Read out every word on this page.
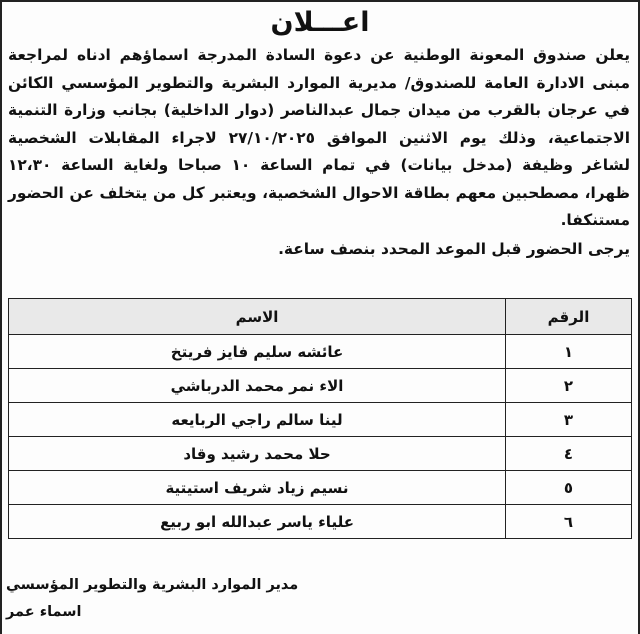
اعـــلان

يعلن صندوق المعونة الوطنية عن دعوة السادة المدرجة اسماؤهم ادناه لمراجعة مبنى الادارة العامة للصندوق/ مديرية الموارد البشرية والتطوير المؤسسي الكائن في عرجان بالقرب من ميدان جمال عبدالناصر (دوار الداخلية) بجانب وزارة التنمية الاجتماعية، وذلك يوم الاثنين الموافق ٢٧/١٠/٢٠٢٥ لاجراء المقابلات الشخصية لشاغر وظيفة (مدخل بيانات) في تمام الساعة ١٠ صباحا ولغاية الساعة ١٢،٣٠ ظهرا، مصطحبين معهم بطاقة الاحوال الشخصية، ويعتبر كل من يتخلف عن الحضور مستنكفا.

يرجى الحضور قبل الموعد المحدد بنصف ساعة.
الرقم	الاسم
١	عائشه سليم فايز فريتخ
٢	الاء نمر محمد الدرباشي
٣	لينا سالم راجي الربايعه
٤	حلا محمد رشيد وقاد
٥	نسيم زياد شريف استيتية
٦	علياء ياسر عبدالله ابو ربيع
مدير الموارد البشرية والتطوير المؤسسي
اسماء عمر
